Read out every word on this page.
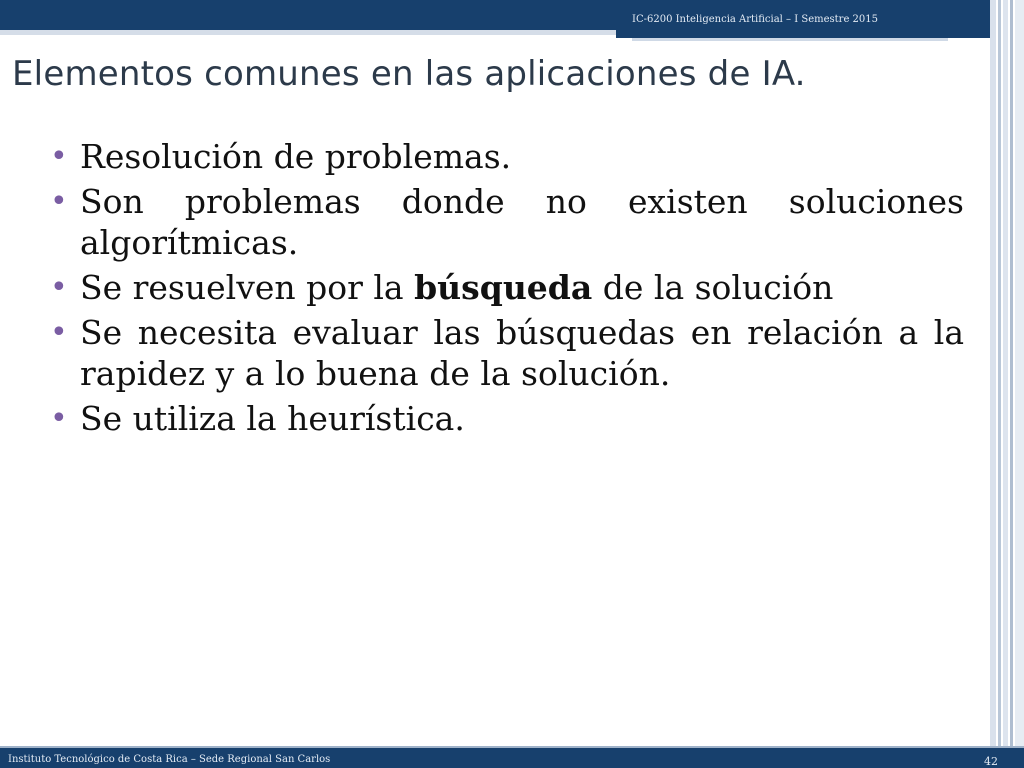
IC-6200 Inteligencia Artificial – I Semestre 2015
Elementos comunes en las aplicaciones de IA.
• Resolución de problemas.
• Son problemas donde no existen soluciones algorítmicas.
• Se resuelven por la búsqueda de la solución
• Se necesita evaluar las búsquedas en relación a la rapidez y a lo buena de la solución.
• Se utiliza la heurística.
Instituto Tecnológico de Costa Rica – Sede Regional San Carlos	42
